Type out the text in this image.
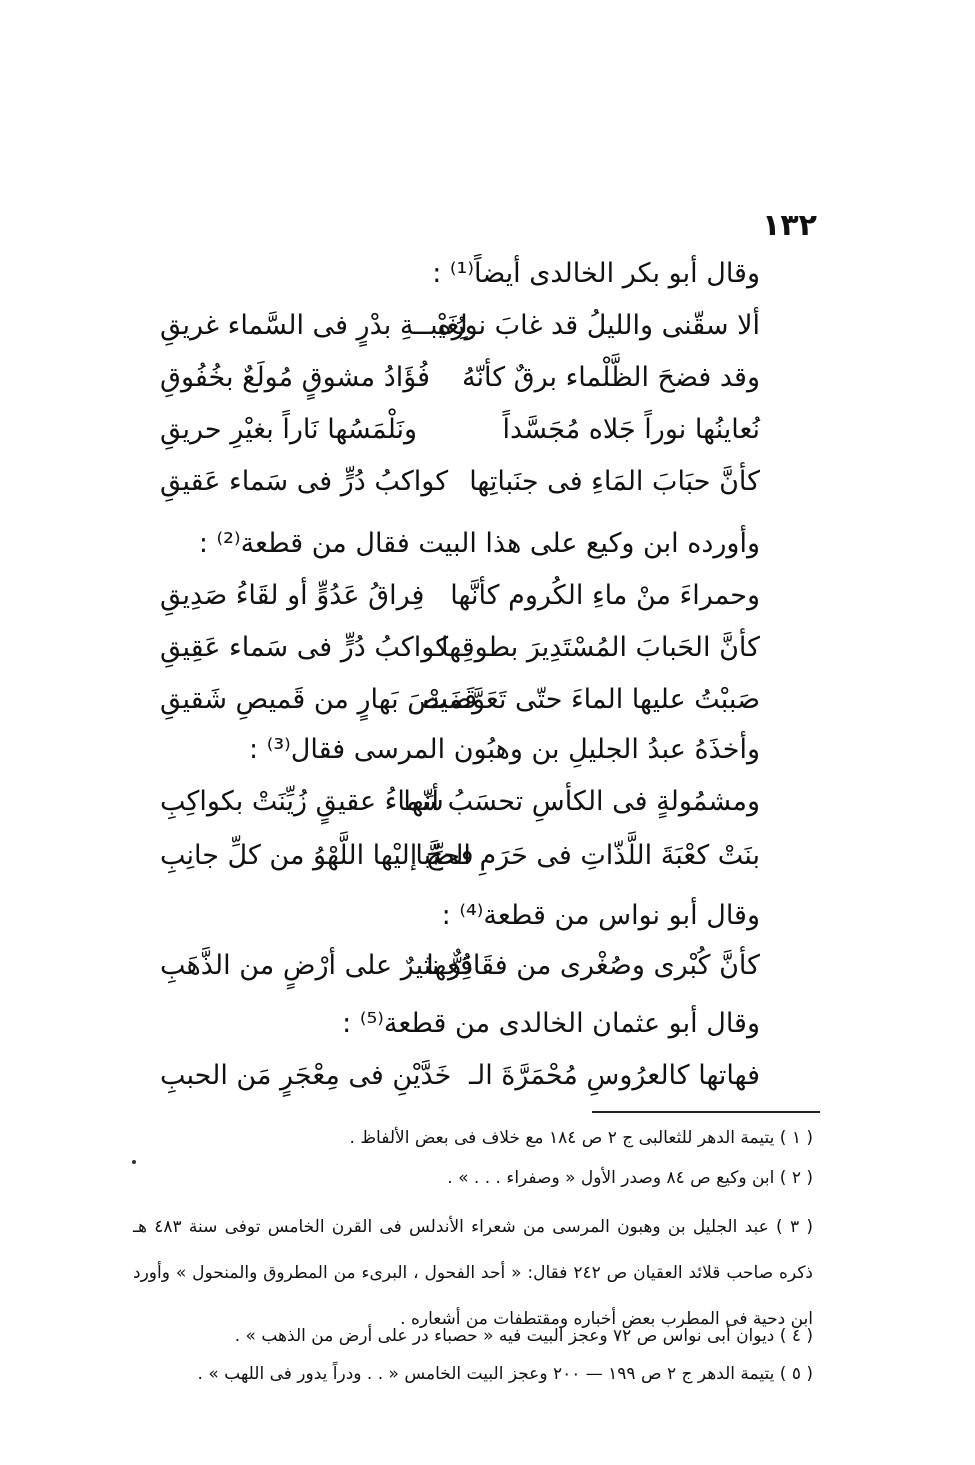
١٣٢
وقال أبو بكر الخالدى أيضاً⁽¹⁾ :
ألا سقّنى والليلُ قد غابَ نورُه
لِغَيْبــةِ بدْرٍ فى السَّماء غريقِ
وقد فضحَ الظَّلْماء برقٌ كأنّهُ
فُؤَادُ مشوقٍ مُولَعٌ بخُفُوقِ
نُعاينُها نوراً جَلاه مُجَسَّداً
ونَلْمَسُها نَاراً بغيْرِ حريقِ
كأنَّ حبَابَ المَاءِ فى جنَباتِها
كواكبُ دُرٍّ فى سَماء عَقيقِ
وأورده ابن وكيع على هذا البيت فقال من قطعة⁽²⁾ :
وحمراءَ منْ ماءِ الكُروم كأنَّها
فِراقُ عَدُوٍّ أو لقَاءُ صَدِيقِ
كأنَّ الحَبابَ المُسْتَدِيرَ بطوقِها
كواكبُ دُرٍّ فى سَماء عَقِيقِ
صَببْتُ عليها الماءَ حتّى تَعَوَّضَتْ
قَميصَ بَهارٍ من قَميصِ شَقيقِ
وأخذَهُ عبدُ الجليلِ بن وهبُون المرسى فقال⁽³⁾ :
ومشمُولةٍ فى الكأسِ تحسَبُ أنّها
سَماءُ عقيقٍ زُيِّنَتْ بكواكِبِ
بنَتْ كعْبَةَ اللَّذّاتِ فى حَرَمِ الصِّبا
فحجَّ إليْها اللَّهْوُ من كلِّ جانِبِ
وقال أبو نواس من قطعة⁽⁴⁾ :
كأنَّ كُبْرى وصُغْرى من فقَاقِعِها
دُرٌّ نثيرٌ على أرْضٍ من الذَّهَبِ
وقال أبو عثمان الخالدى من قطعة⁽⁵⁾ :
فهاتها كالعرُوسِ مُحْمَرَّةَ الـ
خَدَّيْنِ فى مِعْجَرٍ مَن الحببِ
( ١ ) يتيمة الدهر للثعالبى ج ٢ ص ١٨٤ مع خلاف فى بعض الألفاظ .
( ٢ ) ابن وكيع ص ٨٤ وصدر الأول « وصفراء . . . » .
( ٣ ) عبد الجليل بن وهبون المرسى من شعراء الأندلس فى القرن الخامس توفى سنة ٤٨٣ هـ ذكره صاحب قلائد العقيان ص ٢٤٢ فقال: « أحد الفحول ، البرىء من المطروق والمنحول » وأورد ابن دحية فى المطرب بعض أخباره ومقتطفات من أشعاره .
( ٤ ) ديوان أبى نواس ص ٧٢ وعجز البيت فيه « حصباء در على أرض من الذهب » .
( ٥ ) يتيمة الدهر ج ٢ ص ١٩٩ — ٢٠٠ وعجز البيت الخامس « . . ودراً يدور فى اللهب » .
